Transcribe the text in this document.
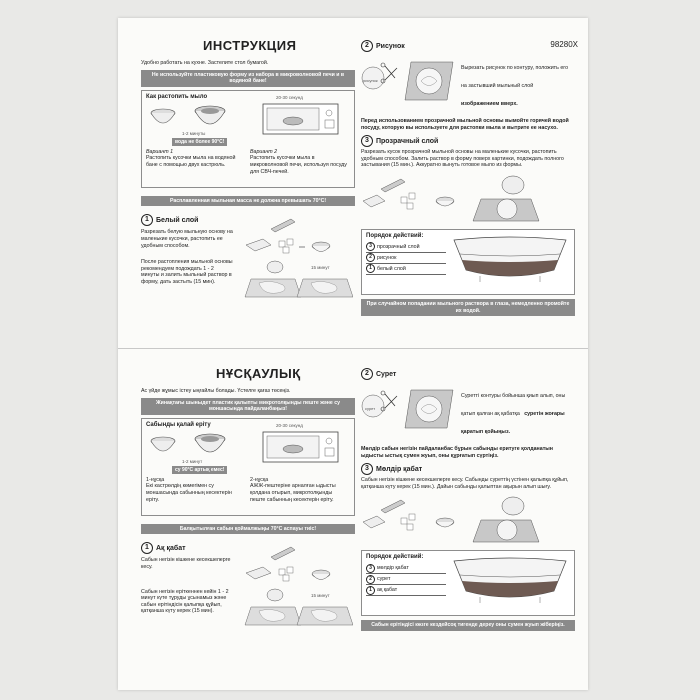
ИНСТРУКЦИЯ	98280X

Удобно работать на кухне. Застелите стол бумагой.

Не используйте пластиковую форму из набора в микроволновой печи и в водяной бане!
Как растопить мыло
1-2 минуты
вода не более 90°С!
20-30 секунд
Вариант 1

Растопить кусочки мыла на водяной бане с помощью двух кастрюль.

Вариант 2

Растопить кусочки мыла в микроволновой печи, используя посуду для СВЧ-печей.

Расплавленная мыльная масса не должна превышать 70°С!
1	Белый слой

Разрезать белую мыльную основу на маленькие кусочки, растопить ее удобным способом.

После растопления мыльной основы рекомендуем подождать 1 - 2 минуты и залить мыльный раствор в форму, дать застыть (15 мин).

15 минут
2	Рисунок
рисунок
Вырезать рисунок по контуру, положить его на застывший мыльный слой изображением вверх.

Перед использованием прозрачной мыльной основы вымойте горячей водой посуду, которую вы используете для растопки мыла и вытрите ее насухо.

3	Прозрачный слой

Разрезать кусок прозрачной мыльной основы на маленькие кусочки, растопить удобным способом. Залить раствор в форму поверх картинки, подождать полного застывания (15 мин.). Аккуратно вынуть готовое мыло из формы.

Порядок действий:
3 прозрачный слой
2 рисунок
1 белый слой
При случайном попадании мыльного раствора в глаза, немедленно промойте их водой.
НҰСҚАУЛЫҚ

Ас үйде жұмыс істеу ыңғайлы болады. Үстелге қағаз төсеңіз.

Жинақтағы шыныдет пластик қалыпты микротолқынды пеште және су моншасында пайдаланбаңыз!
Сабынды қалай еріту
1-2 минут
су 90°С артық емес!
20-30 секунд
1-нұсқа

Екі кастрөлдің көмегімен су моншасында сабынның кесектерін еріту.

2-нұсқа

АЖЖ-пештеріне арналған ыдысты қолдана отырып, микротолқынды пеште сабынның кесектерін еріту.

Балқытылған сабын қоймалжыңы 70°С аспауы тиіс!
1	Ақ қабат

Сабын негізін кішкене кесекшелерге кесу.

Сабын негізін еріткеннен кейін 1 - 2 минут күте тұруды ұсынамыз және сабын ерітіндісін қалыпқа құйып, қатқанша күту керек (15 мин).

15 минут
2	Сурет
сурет
Суретті контуры бойынша қиып алып, оны қатып қалған ақ қабатқа суретін жоғары қаратып қойыңыз.

Мөлдір сабын негізін пайдаланбас бұрын сабынды еритуге қолданатын ыдысты ыстық сумен жуып, оны құрғатып сүртіңіз.

3	Мөлдір қабат

Сабын негізін кішкене кесекшелерге кесу. Сабынды суреттің үстінен қалыпқа құйып, қатқанша күту керек (15 мин.). Дайын сабынды қалыптан ақырын алып шығу.

Порядок действий:
3 мөлдір қабат
2 сурет
1 ақ қабат
Сабын ерітіндісі көзге кездейсоқ тигенде дереу оны сумен жуып жіберіңіз.
